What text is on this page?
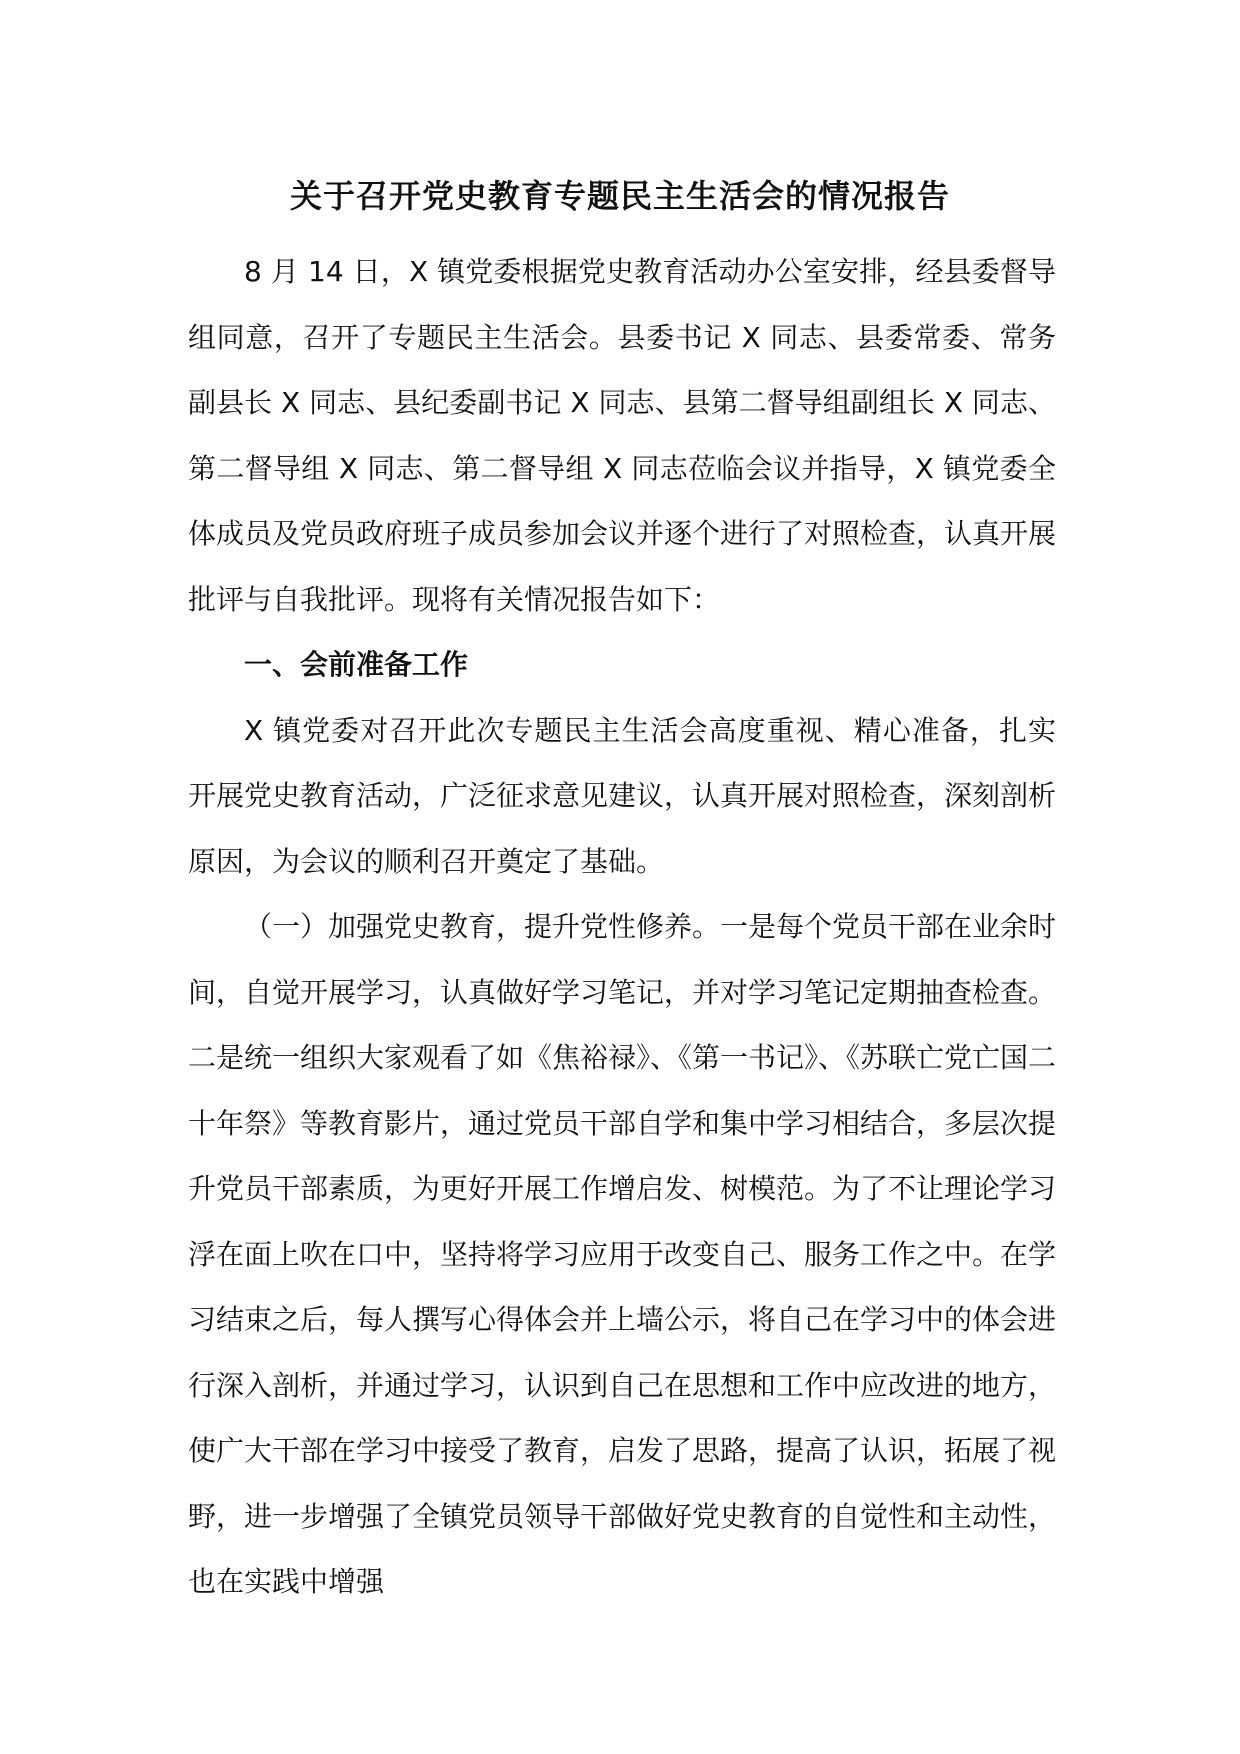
关于召开党史教育专题民主生活会的情况报告

8 月 14 日，X 镇党委根据党史教育活动办公室安排，经县委督导组同意，召开了专题民主生活会。县委书记 X 同志、县委常委、常务副县长 X 同志、县纪委副书记 X 同志、县第二督导组副组长 X 同志、第二督导组 X 同志、第二督导组 X 同志莅临会议并指导，X 镇党委全体成员及党员政府班子成员参加会议并逐个进行了对照检查，认真开展批评与自我批评。现将有关情况报告如下：

一、会前准备工作

X 镇党委对召开此次专题民主生活会高度重视、精心准备，扎实开展党史教育活动，广泛征求意见建议，认真开展对照检查，深刻剖析原因，为会议的顺利召开奠定了基础。

（一）加强党史教育，提升党性修养。一是每个党员干部在业余时间，自觉开展学习，认真做好学习笔记，并对学习笔记定期抽查检查。二是统一组织大家观看了如《焦裕禄》、《第一书记》、《苏联亡党亡国二十年祭》等教育影片，通过党员干部自学和集中学习相结合，多层次提升党员干部素质，为更好开展工作增启发、树模范。为了不让理论学习浮在面上吹在口中，坚持将学习应用于改变自己、服务工作之中。在学习结束之后，每人撰写心得体会并上墙公示，将自己在学习中的体会进行深入剖析，并通过学习，认识到自己在思想和工作中应改进的地方，使广大干部在学习中接受了教育，启发了思路，提高了认识，拓展了视野，进一步增强了全镇党员领导干部做好党史教育的自觉性和主动性，也在实践中增强
